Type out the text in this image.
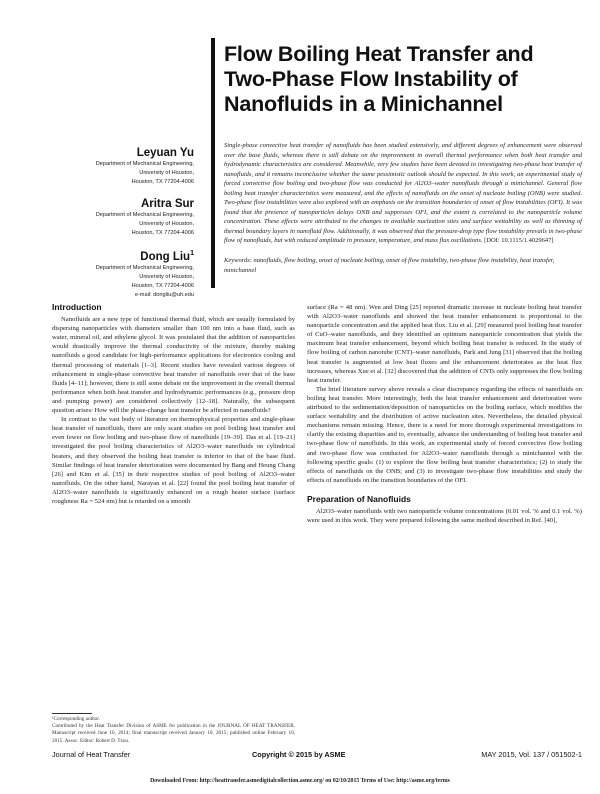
Flow Boiling Heat Transfer and Two-Phase Flow Instability of Nanofluids in a Minichannel
Leyuan Yu
Department of Mechanical Engineering,
University of Houston,
Houston, TX 77204-4006
Aritra Sur
Department of Mechanical Engineering,
University of Houston,
Houston, TX 77204-4006
Dong Liu$^1$
Department of Mechanical Engineering,
University of Houston,
Houston, TX 77204-4006
e-mail: dongliu@uh.edu
Single-phase convective heat transfer of nanofluids has been studied extensively, and different degrees of enhancement were observed over the base fluids, whereas there is still debate on the improvement in overall thermal performance when both heat transfer and hydrodynamic characteristics are considered. Meanwhile, very few studies have been devoted to investigating two-phase heat transfer of nanofluids, and it remains inconclusive whether the same pessimistic outlook should be expected. In this work, an experimental study of forced convective flow boiling and two-phase flow was conducted for Al2O3–water nanofluids through a minichannel. General flow boiling heat transfer characteristics were measured, and the effects of nanofluids on the onset of nucleate boiling (ONB) were studied. Two-phase flow instabilities were also explored with an emphasis on the transition boundaries of onset of flow instabilities (OFI). It was found that the presence of nanoparticles delays ONB and suppresses OFI, and the extent is correlated to the nanoparticle volume concentration. These effects were attributed to the changes in available nucleation sites and surface wettability as well as thinning of thermal boundary layers in nanofluid flow. Additionally, it was observed that the pressure-drop type flow instability prevails in two-phase flow of nanofluids, but with reduced amplitude in pressure, temperature, and mass flux oscillations. [DOI: 10.1115/1.4029647]
Keywords: nanofluids, flow boiling, onset of nucleate boiling, onset of flow instability, two-phase flow instability, heat transfer, minichannel
Introduction

Nanofluids are a new type of functional thermal fluid, which are usually formulated by dispersing nanoparticles with diameters smaller than 100 nm into a base fluid, such as water, mineral oil, and ethylene glycol. It was postulated that the addition of nanoparticles would drastically improve the thermal conductivity of the mixture, thereby making nanofluids a good candidate for high-performance applications for electronics cooling and thermal processing of materials [1–3]. Recent studies have revealed various degrees of enhancement in single-phase convective heat transfer of nanofluids over that of the base fluids [4–11]; however, there is still some debate on the improvement in the overall thermal performance when both heat transfer and hydrodynamic performances (e.g., pressure drop and pumping power) are considered collectively [12–18]. Naturally, the subsequent question arises: How will the phase-change heat transfer be affected in nanofluids?

In contrast to the vast body of literature on thermophysical properties and single-phase heat transfer of nanofluids, there are only scant studies on pool boiling heat transfer and even fewer on flow boiling and two-phase flow of nanofluids [19–39]. Das et al. [19–21] investigated the pool boiling characteristics of Al2O3–water nanofluids on cylindrical heaters, and they observed the boiling heat transfer is inferior to that of the base fluid. Similar findings of heat transfer deterioration were documented by Bang and Heung Chang [26] and Kim et al. [35] in their respective studies of pool boiling of Al2O3–water nanofluids. On the other hand, Narayan et al. [22] found the pool boiling heat transfer of Al2O3–water nanofluids is significantly enhanced on a rough heater surface (surface roughness Ra = 524 nm) but is retarded on a smooth

surface (Ra = 48 nm). Wen and Ding [25] reported dramatic increase in nucleate boiling heat transfer with Al2O3–water nanofluids and showed the heat transfer enhancement is proportional to the nanoparticle concentration and the applied heat flux. Liu et al. [29] measured pool boiling heat transfer of CuO–water nanofluids, and they identified an optimum nanoparticle concentration that yields the maximum heat transfer enhancement, beyond which boiling heat transfer is reduced. In the study of flow boiling of carbon nanotube (CNT)–water nanofluids, Park and Jung [31] observed that the boiling heat transfer is augmented at low heat fluxes and the enhancement deteriorates as the heat flux increases, whereas Xue et al. [32] discovered that the addition of CNTs only suppresses the flow boiling heat transfer.

The brief literature survey above reveals a clear discrepancy regarding the effects of nanofluids on boiling heat transfer. More interestingly, both the heat transfer enhancement and deterioration were attributed to the sedimentation/deposition of nanoparticles on the boiling surface, which modifies the surface wettability and the distribution of active nucleation sites. Nevertheless, the detailed physical mechanisms remain missing. Hence, there is a need for more thorough experimental investigations to clarify the existing disparities and to, eventually, advance the understanding of boiling heat transfer and two-phase flow of nanofluids. In this work, an experimental study of forced convective flow boiling and two-phase flow was conducted for Al2O3–water nanofluids through a minichannel with the following specific goals: (1) to explore the flow boiling heat transfer characteristics; (2) to study the effects of nanofluids on the ONB; and (3) to investigate two-phase flow instabilities and study the effects of nanofluids on the transition boundaries of the OFI.

Preparation of Nanofluids

Al2O3–water nanofluids with two nanoparticle volume concentrations (0.01 vol. % and 0.1 vol. %) were used in this work. They were prepared following the same method described in Ref. [40],

¹Corresponding author.
Contributed by the Heat Transfer Division of ASME for publication in the JOURNAL OF HEAT TRANSFER. Manuscript received June 16, 2014; final manuscript received January 10, 2015; published online February 10, 2015. Assoc. Editor: Robert D. Tzou.
Journal of Heat Transfer	Copyright © 2015 by ASME	MAY 2015, Vol. 137 / 051502-1
Downloaded From: http://heattransfer.asmedigitalcollection.asme.org/ on 02/10/2015 Terms of Use: http://asme.org/terms
